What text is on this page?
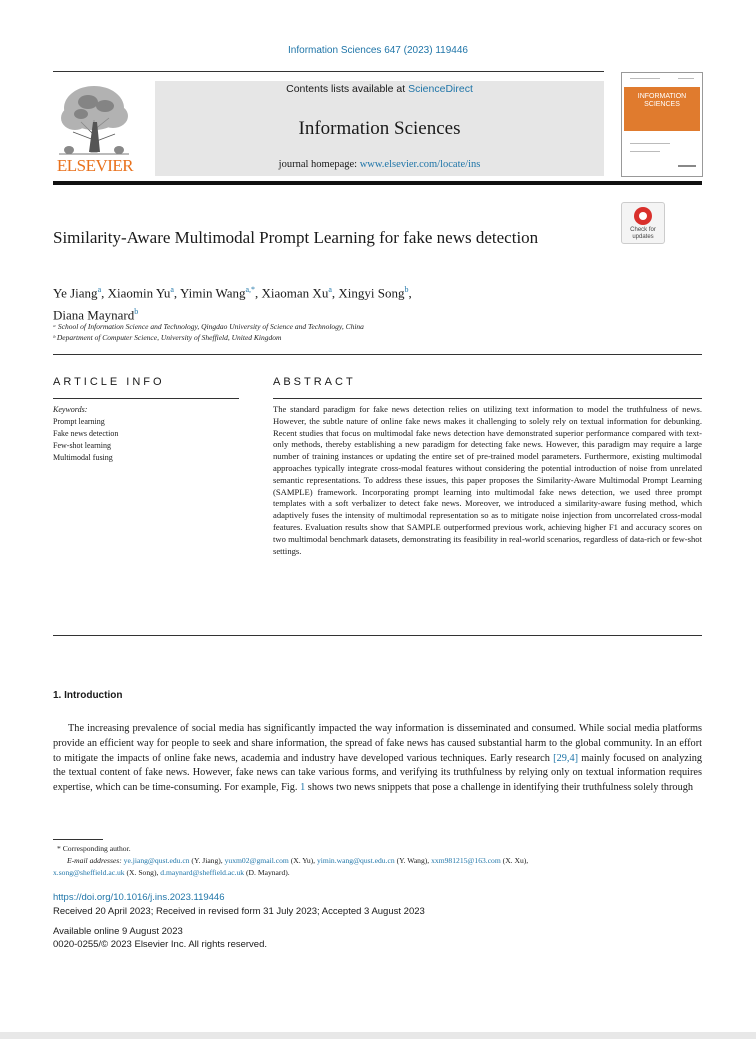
Information Sciences 647 (2023) 119446
ELSEVIER
Contents lists available at ScienceDirect
Information Sciences
journal homepage: www.elsevier.com/locate/ins
INFORMATION SCIENCES
Check for updates
Similarity-Aware Multimodal Prompt Learning for fake news detection
Ye Jiang$^a$, Xiaomin Yu$^a$, Yimin Wang$^{a,*}$, Xiaoman Xu$^a$, Xingyi Song$^b$,
Diana Maynard$^b$
ᵃ School of Information Science and Technology, Qingdao University of Science and Technology, China
ᵇ Department of Computer Science, University of Sheffield, United Kingdom
ARTICLE INFO	ABSTRACT
Keywords:
Prompt learning
Fake news detection
Few-shot learning
Multimodal fusing
The standard paradigm for fake news detection relies on utilizing text information to model the truthfulness of news. However, the subtle nature of online fake news makes it challenging to solely rely on textual information for debunking. Recent studies that focus on multimodal fake news detection have demonstrated superior performance compared with text-only methods, thereby establishing a new paradigm for detecting fake news. However, this paradigm may require a large number of training instances or updating the entire set of pre-trained model parameters. Furthermore, existing multimodal approaches typically integrate cross-modal features without considering the potential introduction of noise from unrelated semantic representations. To address these issues, this paper proposes the Similarity-Aware Multimodal Prompt Learning (SAMPLE) framework. Incorporating prompt learning into multimodal fake news detection, we used three prompt templates with a soft verbalizer to detect fake news. Moreover, we introduced a similarity-aware fusing method, which adaptively fuses the intensity of multimodal representation so as to mitigate noise injection from uncorrelated cross-modal features. Evaluation results show that SAMPLE outperformed previous work, achieving higher F1 and accuracy scores on two multimodal benchmark datasets, demonstrating its feasibility in real-world scenarios, regardless of data-rich or few-shot settings.
1. Introduction
The increasing prevalence of social media has significantly impacted the way information is disseminated and consumed. While social media platforms provide an efficient way for people to seek and share information, the spread of fake news has caused substantial harm to the global community. In an effort to mitigate the impacts of online fake news, academia and industry have developed various techniques. Early research [29,4] mainly focused on analyzing the textual content of fake news. However, fake news can take various forms, and verifying its truthfulness by relying only on textual information requires expertise, which can be time-consuming. For example, Fig. 1 shows two news snippets that pose a challenge in identifying their truthfulness solely through
* Corresponding author.
E-mail addresses: ye.jiang@qust.edu.cn (Y. Jiang), yuxm02@gmail.com (X. Yu), yimin.wang@qust.edu.cn (Y. Wang), xxm981215@163.com (X. Xu),
x.song@sheffield.ac.uk (X. Song), d.maynard@sheffield.ac.uk (D. Maynard).
https://doi.org/10.1016/j.ins.2023.119446
Received 20 April 2023; Received in revised form 31 July 2023; Accepted 3 August 2023
Available online 9 August 2023
0020-0255/© 2023 Elsevier Inc. All rights reserved.
